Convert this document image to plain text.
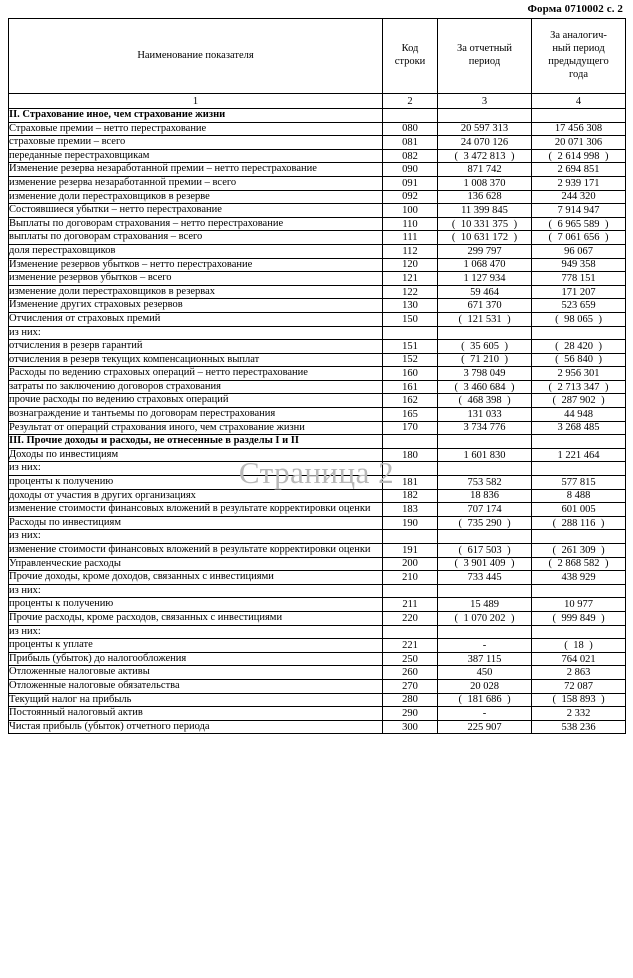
Форма 0710002 с. 2
Наименование показателя	
Код
строки

За отчетный
период

За аналогич-
ный период
предыдущего
года

1	2	3	4
II. Страхование иное, чем страхование жизни			
Страховые премии – нетто перестрахование	080	20 597 313	17 456 308
страховые премии – всего	081	24 070 126	20 071 306
переданные перестраховщикам	082	( 3 472 813 )	( 2 614 998 )
Изменение резерва незаработанной премии – нетто перестрахование	090	871 742	2 694 851
изменение резерва незаработанной премии – всего	091	1 008 370	2 939 171
изменение доли перестраховщиков в резерве	092	136 628	244 320
Состоявшиеся убытки – нетто перестрахование	100	11 399 845	7 914 947
Выплаты по договорам страхования – нетто перестрахование	110	( 10 331 375 )	( 6 965 589 )
выплаты по договорам страхования – всего	111	( 10 631 172 )	( 7 061 656 )
доля перестраховщиков	112	299 797	96 067
Изменение резервов убытков – нетто перестрахование	120	1 068 470	949 358
изменение резервов убытков – всего	121	1 127 934	778 151
изменение доли перестраховщиков в резервах	122	59 464	171 207
Изменение других страховых резервов	130	671 370	523 659
Отчисления от страховых премий	150	( 121 531 )	( 98 065 )
из них:			
отчисления в резерв гарантий	151	( 35 605 )	( 28 420 )
отчисления в резерв текущих компенсационных выплат	152	( 71 210 )	( 56 840 )
Расходы по ведению страховых операций – нетто перестрахование	160	3 798 049	2 956 301
затраты по заключению договоров страхования	161	( 3 460 684 )	( 2 713 347 )
прочие расходы по ведению страховых операций	162	( 468 398 )	( 287 902 )
вознаграждение и тантьемы по договорам перестрахования	165	131 033	44 948
Результат от операций страхования иного, чем страхование жизни	170	3 734 776	3 268 485
III. Прочие доходы и расходы, не отнесенные в разделы I и II			
Доходы по инвестициям	180	1 601 830	1 221 464
из них:			
проценты к получению	181	753 582	577 815
доходы от участия в других организациях	182	18 836	8 488
изменение стоимости финансовых вложений в результате корректировки оценки	183	707 174	601 005
Расходы по инвестициям	190	( 735 290 )	( 288 116 )
из них:			
изменение стоимости финансовых вложений в результате корректировки оценки	191	( 617 503 )	( 261 309 )
Управленческие расходы	200	( 3 901 409 )	( 2 868 582 )
Прочие доходы, кроме доходов, связанных с инвестициями	210	733 445	438 929
из них:			
проценты к получению	211	15 489	10 977
Прочие расходы, кроме расходов, связанных с инвестициями	220	( 1 070 202 )	( 999 849 )
из них:			
проценты к уплате	221	-	( 18 )
Прибыль (убыток) до налогообложения	250	387 115	764 021
Отложенные налоговые активы	260	450	2 863
Отложенные налоговые обязательства	270	20 028	72 087
Текущий налог на прибыль	280	( 181 686 )	( 158 893 )
Постоянный налоговый актив	290	-	2 332
Чистая прибыль (убыток) отчетного периода	300	225 907	538 236
Страница 2
